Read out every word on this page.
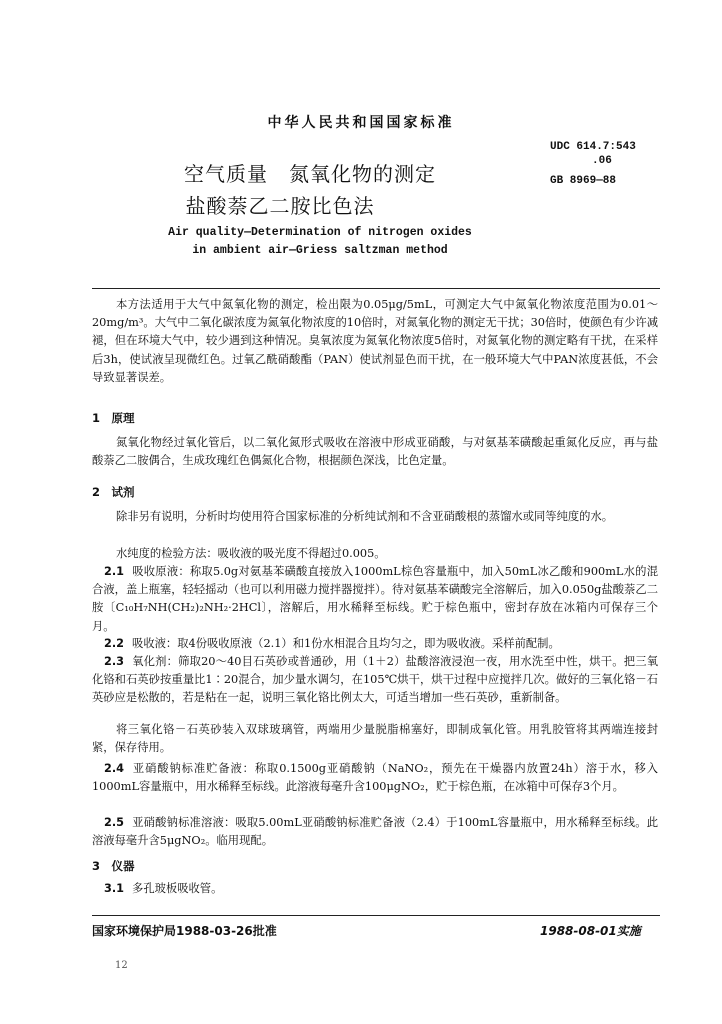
中华人民共和国国家标准
空气质量　氮氧化物的测定
盐酸萘乙二胺比色法
UDC 614.7:543
.06
GB 8969—88
Air quality—Determination of nitrogen oxides
in ambient air—Griess saltzman method
本方法适用于大气中氮氧化物的测定，检出限为0.05μg/5mL，可测定大气中氮氧化物浓度范围为0.01～20mg/m³。大气中二氧化碳浓度为氮氧化物浓度的10倍时，对氮氧化物的测定无干扰；30倍时，使颜色有少许减褪，但在环境大气中，较少遇到这种情况。臭氧浓度为氮氧化物浓度5倍时，对氮氧化物的测定略有干扰，在采样后3h，使试液呈现微红色。过氧乙酰硝酸酯（PAN）使试剂显色而干扰，在一般环境大气中PAN浓度甚低，不会导致显著误差。
1　原理
氮氧化物经过氧化管后，以二氧化氮形式吸收在溶液中形成亚硝酸，与对氨基苯磺酸起重氮化反应，再与盐酸萘乙二胺偶合，生成玫瑰红色偶氮化合物，根据颜色深浅，比色定量。
2　试剂
除非另有说明，分析时均使用符合国家标准的分析纯试剂和不含亚硝酸根的蒸馏水或同等纯度的水。
水纯度的检验方法：吸收液的吸光度不得超过0.005。
2.1 吸收原液：称取5.0g对氨基苯磺酸直接放入1000mL棕色容量瓶中，加入50mL冰乙酸和900mL水的混合液，盖上瓶塞，轻轻摇动（也可以利用磁力搅拌器搅拌）。待对氨基苯磺酸完全溶解后，加入0.050g盐酸萘乙二胺〔C₁₀H₇NH(CH₂)₂NH₂·2HCl〕，溶解后，用水稀释至标线。贮于棕色瓶中，密封存放在冰箱内可保存三个月。
2.2 吸收液：取4份吸收原液（2.1）和1份水相混合且均匀之，即为吸收液。采样前配制。
2.3 氧化剂：筛取20～40目石英砂或普通砂，用（1＋2）盐酸溶液浸泡一夜，用水洗至中性，烘干。把三氧化铬和石英砂按重量比1∶20混合，加少量水调匀，在105℃烘干，烘干过程中应搅拌几次。做好的三氧化铬－石英砂应是松散的，若是粘在一起，说明三氧化铬比例太大，可适当增加一些石英砂，重新制备。
将三氧化铬－石英砂装入双球玻璃管，两端用少量脱脂棉塞好，即制成氧化管。用乳胶管将其两端连接封紧，保存待用。
2.4 亚硝酸钠标准贮备液：称取0.1500g亚硝酸钠（NaNO₂，预先在干燥器内放置24h）溶于水，移入1000mL容量瓶中，用水稀释至标线。此溶液每毫升含100μgNO₂，贮于棕色瓶，在冰箱中可保存3个月。
2.5 亚硝酸钠标准溶液：吸取5.00mL亚硝酸钠标准贮备液（2.4）于100mL容量瓶中，用水稀释至标线。此溶液每毫升含5μgNO₂。临用现配。
3　仪器
3.1 多孔玻板吸收管。
国家环境保护局1988-03-26批准	1988-08-01实施
12
